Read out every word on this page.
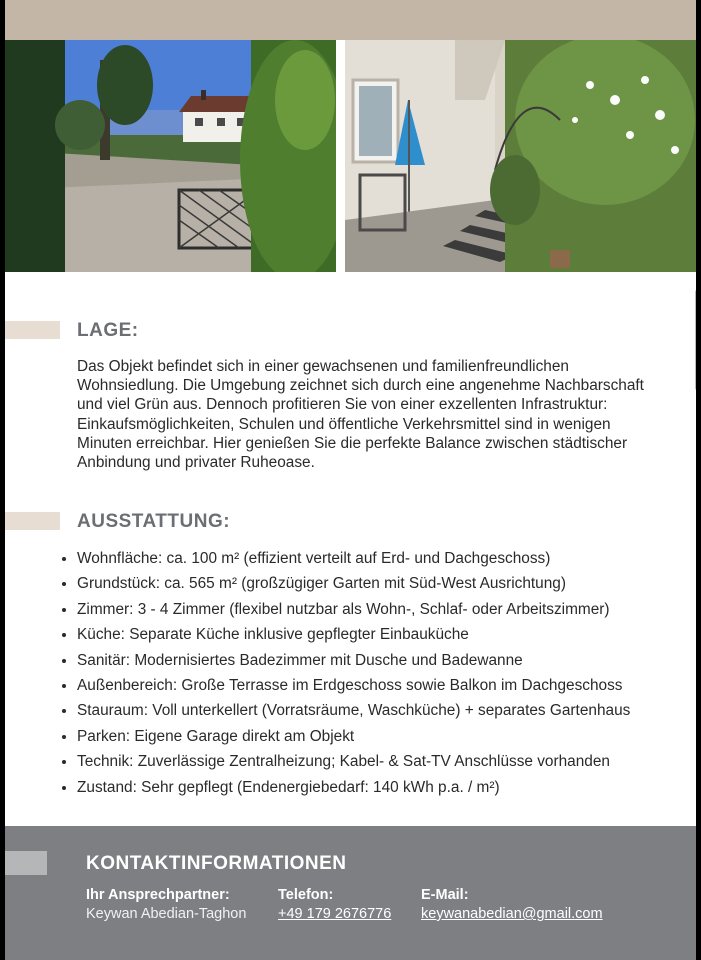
LAGE:

Das Objekt befindet sich in einer gewachsenen und familienfreundlichen Wohnsiedlung. Die Umgebung zeichnet sich durch eine angenehme Nachbarschaft und viel Grün aus. Dennoch profitieren Sie von einer exzellenten Infrastruktur: Einkaufsmöglichkeiten, Schulen und öffentliche Verkehrsmittel sind in wenigen Minuten erreichbar. Hier genießen Sie die perfekte Balance zwischen städtischer Anbindung und privater Ruheoase.

AUSSTATTUNG:
• Wohnfläche: ca. 100 m² (effizient verteilt auf Erd- und Dachgeschoss)
• Grundstück: ca. 565 m² (großzügiger Garten mit Süd-West Ausrichtung)
• Zimmer: 3 - 4 Zimmer (flexibel nutzbar als Wohn-, Schlaf- oder Arbeitszimmer)
• Küche: Separate Küche inklusive gepflegter Einbauküche
• Sanitär: Modernisiertes Badezimmer mit Dusche und Badewanne
• Außenbereich: Große Terrasse im Erdgeschoss sowie Balkon im Dachgeschoss
• Stauraum: Voll unterkellert (Vorratsräume, Waschküche) + separates Gartenhaus
• Parken: Eigene Garage direkt am Objekt
• Technik: Zuverlässige Zentralheizung; Kabel- & Sat-TV Anschlüsse vorhanden
• Zustand: Sehr gepflegt (Endenergiebedarf: 140 kWh p.a. / m²)
KONTAKTINFORMATIONEN
Ihr Ansprechpartner:
Keywan Abedian-Taghon
Telefon:
+49 179 2676776
E-Mail:
keywanabedian@gmail.com
